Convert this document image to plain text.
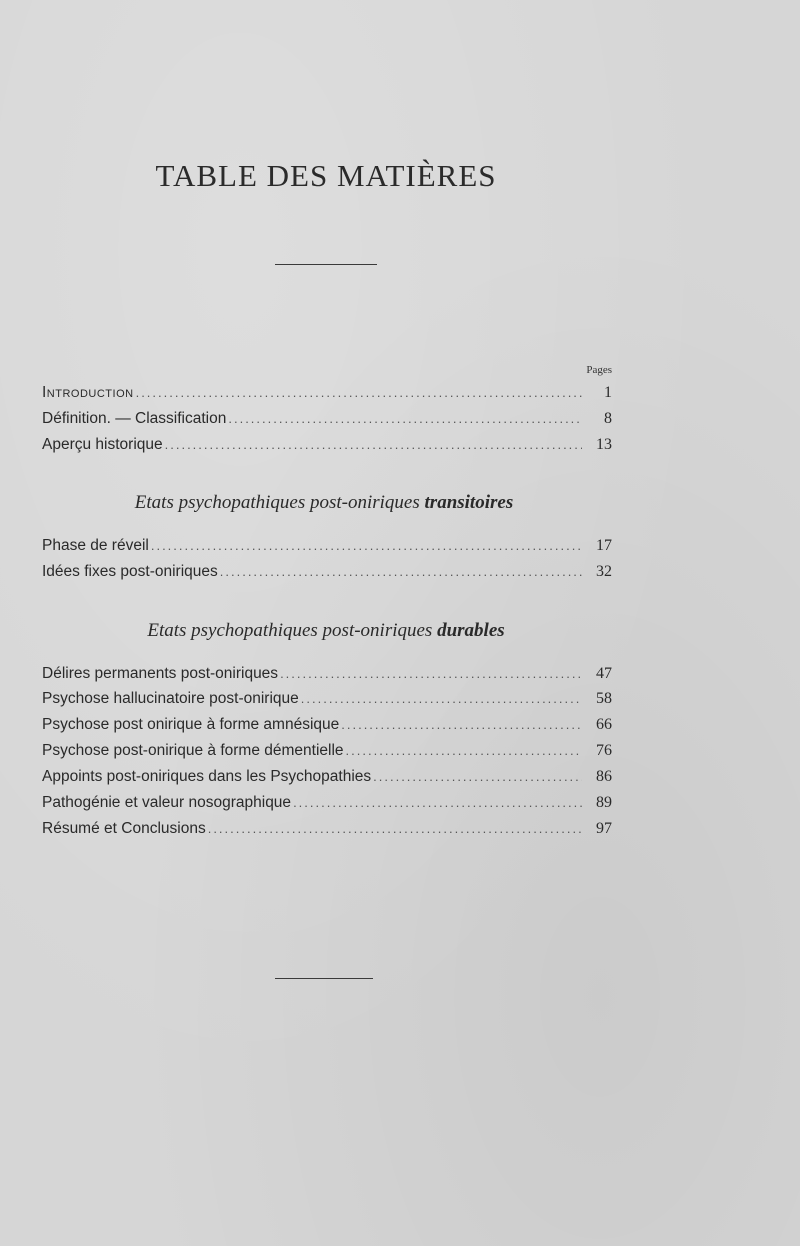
TABLE DES MATIÈRES
Pages
Introduction .....	1
Définition. — Classification .....	8
Aperçu historique .....	13
Etats psychopathiques post-oniriques transitoires
Phase de réveil .....	17
Idées fixes post-oniriques .....	32
Etats psychopathiques post-oniriques durables
Délires permanents post-oniriques .....	47
Psychose hallucinatoire post-onirique .....	58
Psychose post onirique à forme amnésique .....	66
Psychose post-onirique à forme démentielle .....	76
Appoints post-oniriques dans les Psychopathies .....	86
Pathogénie et valeur nosographique .....	89
Résumé et Conclusions .....	97
